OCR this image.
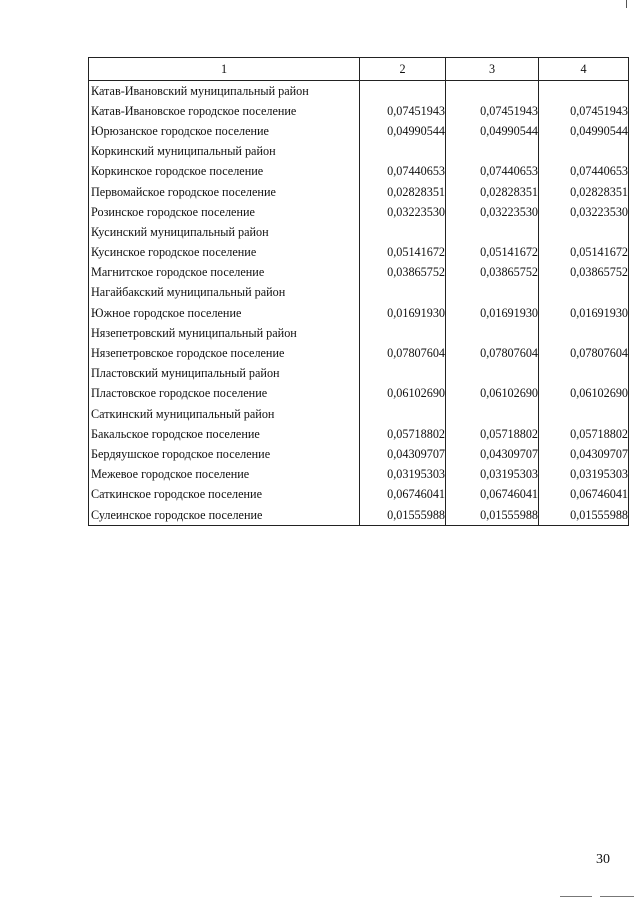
1	2	3	4
Катав-Ивановский муниципальный район			
Катав-Ивановское городское поселение	0,07451943	0,07451943	0,07451943
Юрюзанское городское поселение	0,04990544	0,04990544	0,04990544
Коркинский муниципальный район			
Коркинское городское поселение	0,07440653	0,07440653	0,07440653
Первомайское городское поселение	0,02828351	0,02828351	0,02828351
Розинское городское поселение	0,03223530	0,03223530	0,03223530
Кусинский муниципальный район			
Кусинское городское поселение	0,05141672	0,05141672	0,05141672
Магнитское городское поселение	0,03865752	0,03865752	0,03865752
Нагайбакский муниципальный район			
Южное городское поселение	0,01691930	0,01691930	0,01691930
Нязепетровский муниципальный район			
Нязепетровское городское поселение	0,07807604	0,07807604	0,07807604
Пластовский муниципальный район			
Пластовское городское поселение	0,06102690	0,06102690	0,06102690
Саткинский муниципальный район			
Бакальское городское поселение	0,05718802	0,05718802	0,05718802
Бердяушское городское поселение	0,04309707	0,04309707	0,04309707
Межевое городское поселение	0,03195303	0,03195303	0,03195303
Саткинское городское поселение	0,06746041	0,06746041	0,06746041
Сулеинское городское поселение	0,01555988	0,01555988	0,01555988
30
